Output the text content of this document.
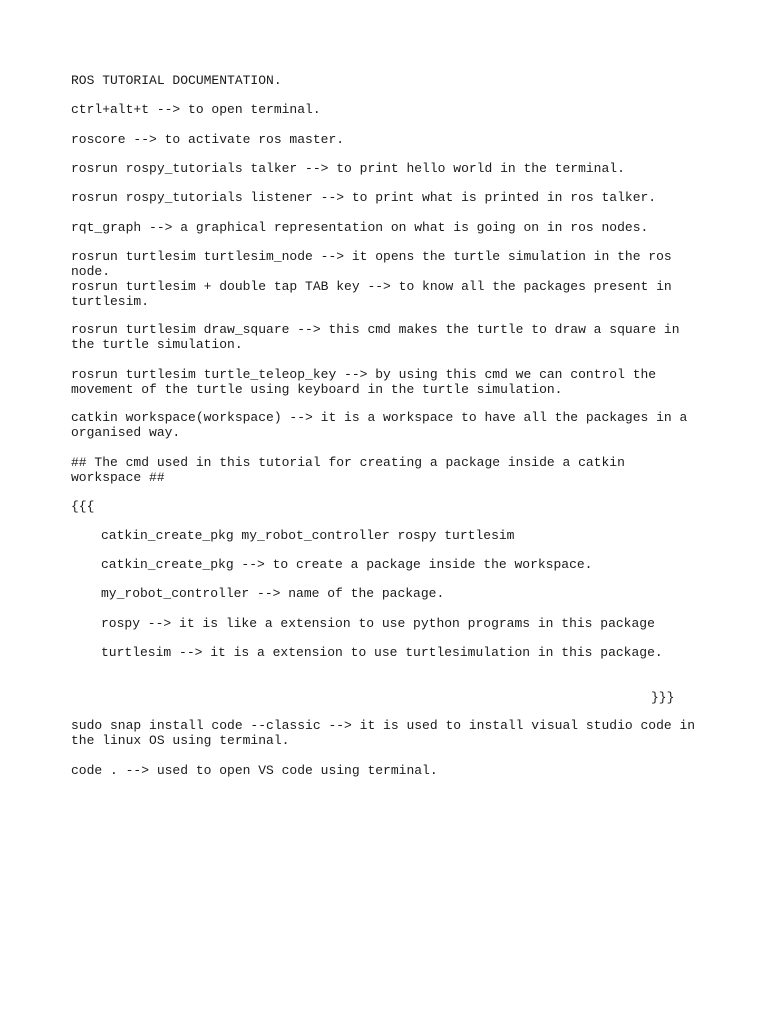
ROS TUTORIAL DOCUMENTATION.

ctrl+alt+t --> to open terminal.

roscore --> to activate ros master.

rosrun rospy_tutorials talker --> to print hello world in the terminal.

rosrun rospy_tutorials listener --> to print what is printed in ros talker.

rqt_graph --> a graphical representation on what is going on in ros nodes.

rosrun turtlesim turtlesim_node --> it opens the turtle simulation in the ros node.

rosrun turtlesim + double tap TAB key --> to know all the packages present in turtlesim.

rosrun turtlesim draw_square --> this cmd makes the turtle to draw a square in the turtle simulation.

rosrun turtlesim turtle_teleop_key --> by using this cmd we can control the movement of the turtle using keyboard in the turtle simulation.

catkin workspace(workspace) --> it is a workspace to have all the packages in a organised way.

## The cmd used in this tutorial for creating a package inside a catkin workspace ##

{{{

catkin_create_pkg my_robot_controller rospy turtlesim

catkin_create_pkg --> to create a package inside the workspace.

my_robot_controller --> name of the package.

rospy --> it is like a extension to use python programs in this package

turtlesim --> it is a extension to use turtlesimulation in this package.

}}}

sudo snap install code --classic --> it is used to install visual studio code in the linux OS using terminal.

code . --> used to open VS code using terminal.
